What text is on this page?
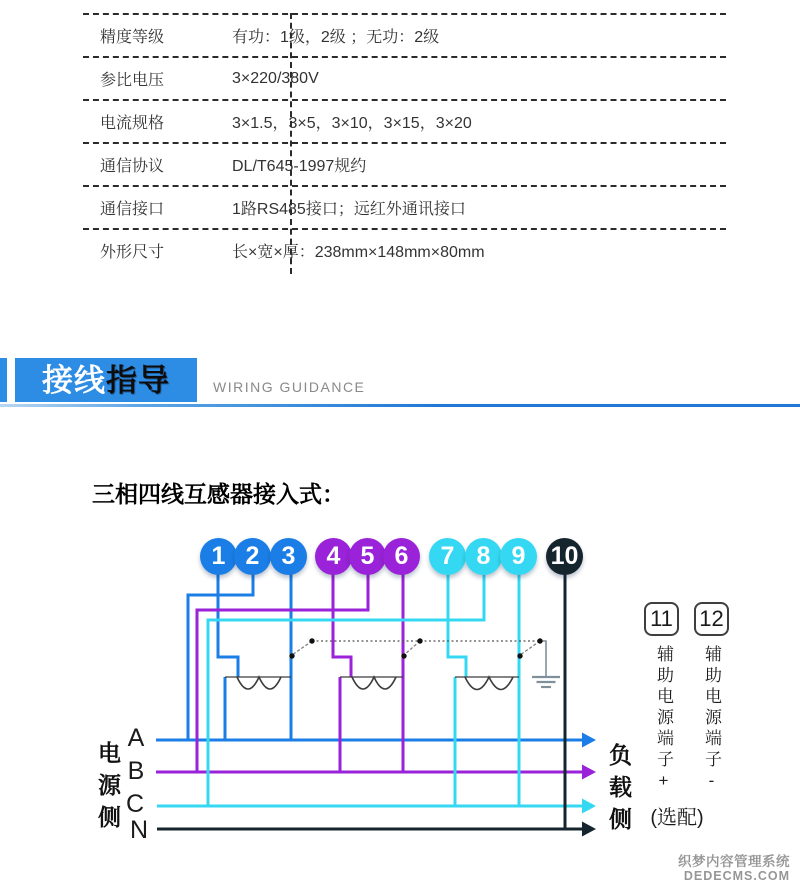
精度等级	有功：1级，2级 ；无功：2级
参比电压	3×220/380V
电流规格	3×1.5，3×5，3×10，3×15，3×20
通信协议	DL/T645-1997规约
通信接口	1路RS485接口；远红外通讯接口
外形尺寸	长×宽×厚：238mm×148mm×80mm
接线指导	WIRING GUIDANCE
三相四线互感器接入式：
A
B
C
N
1 2 3	4 5 6	7 8 9	10
11 12
辅助电源端子+ 辅助电源端子-
(选配)
电源侧	负载侧
织梦内容管理系统
DEDECMS.COM
